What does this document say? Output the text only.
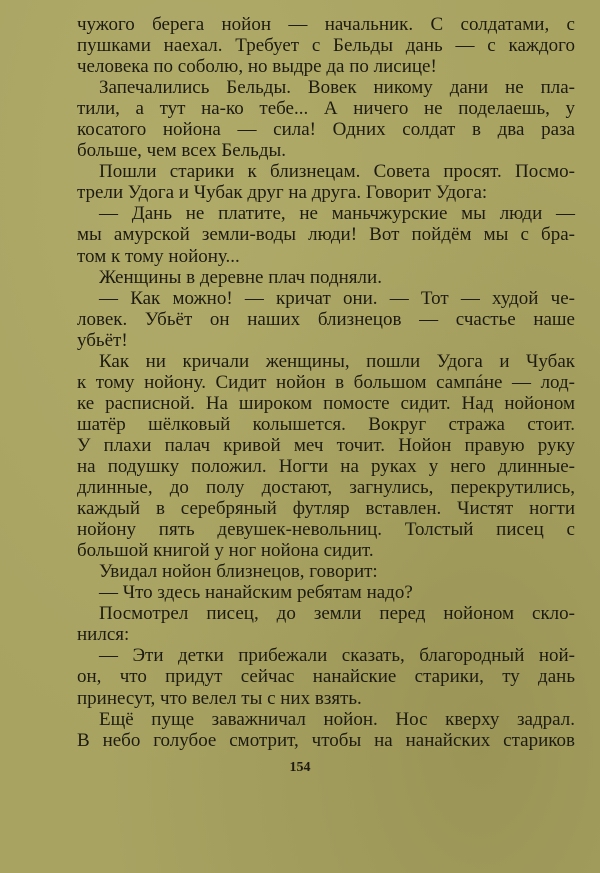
чужого берега нойон — начальник. С солдатами, с
пушками наехал. Требует с Бельды дань — с каждого
человека по соболю, но выдре да по лисице!
Запечалились Бельды. Вовек никому дани не пла-
тили, а тут на-ко тебе... А ничего не поделаешь, у
косатого нойона — сила! Одних солдат в два раза
больше, чем всех Бельды.
Пошли старики к близнецам. Совета просят. Посмо-
трели Удога и Чубак друг на друга. Говорит Удога:
— Дань не платите, не маньчжурские мы люди —
мы амурской земли-воды люди! Вот пойдём мы с бра-
том к тому нойону...
Женщины в деревне плач подняли.
— Как можно! — кричат они. — Тот — худой че-
ловек. Убьёт он наших близнецов — счастье наше
убьёт!
Как ни кричали женщины, пошли Удога и Чубак
к тому нойону. Сидит нойон в большом сампáне — лод-
ке расписной. На широком помосте сидит. Над нойоном
шатёр шёлковый колышется. Вокруг стража стоит.
У плахи палач кривой меч точит. Нойон правую руку
на подушку положил. Ногти на руках у него длинные-
длинные, до полу достают, загнулись, перекрутились,
каждый в серебряный футляр вставлен. Чистят ногти
нойону пять девушек-невольниц. Толстый писец с
большой книгой у ног нойона сидит.
Увидал нойон близнецов, говорит:
— Что здесь нанайским ребятам надо?
Посмотрел писец, до земли перед нойоном скло-
нился:
— Эти детки прибежали сказать, благородный ной-
он, что придут сейчас нанайские старики, ту дань
принесут, что велел ты с них взять.
Ещё пуще заважничал нойон. Нос кверху задрал.
В небо голубое смотрит, чтобы на нанайских стариков
154
